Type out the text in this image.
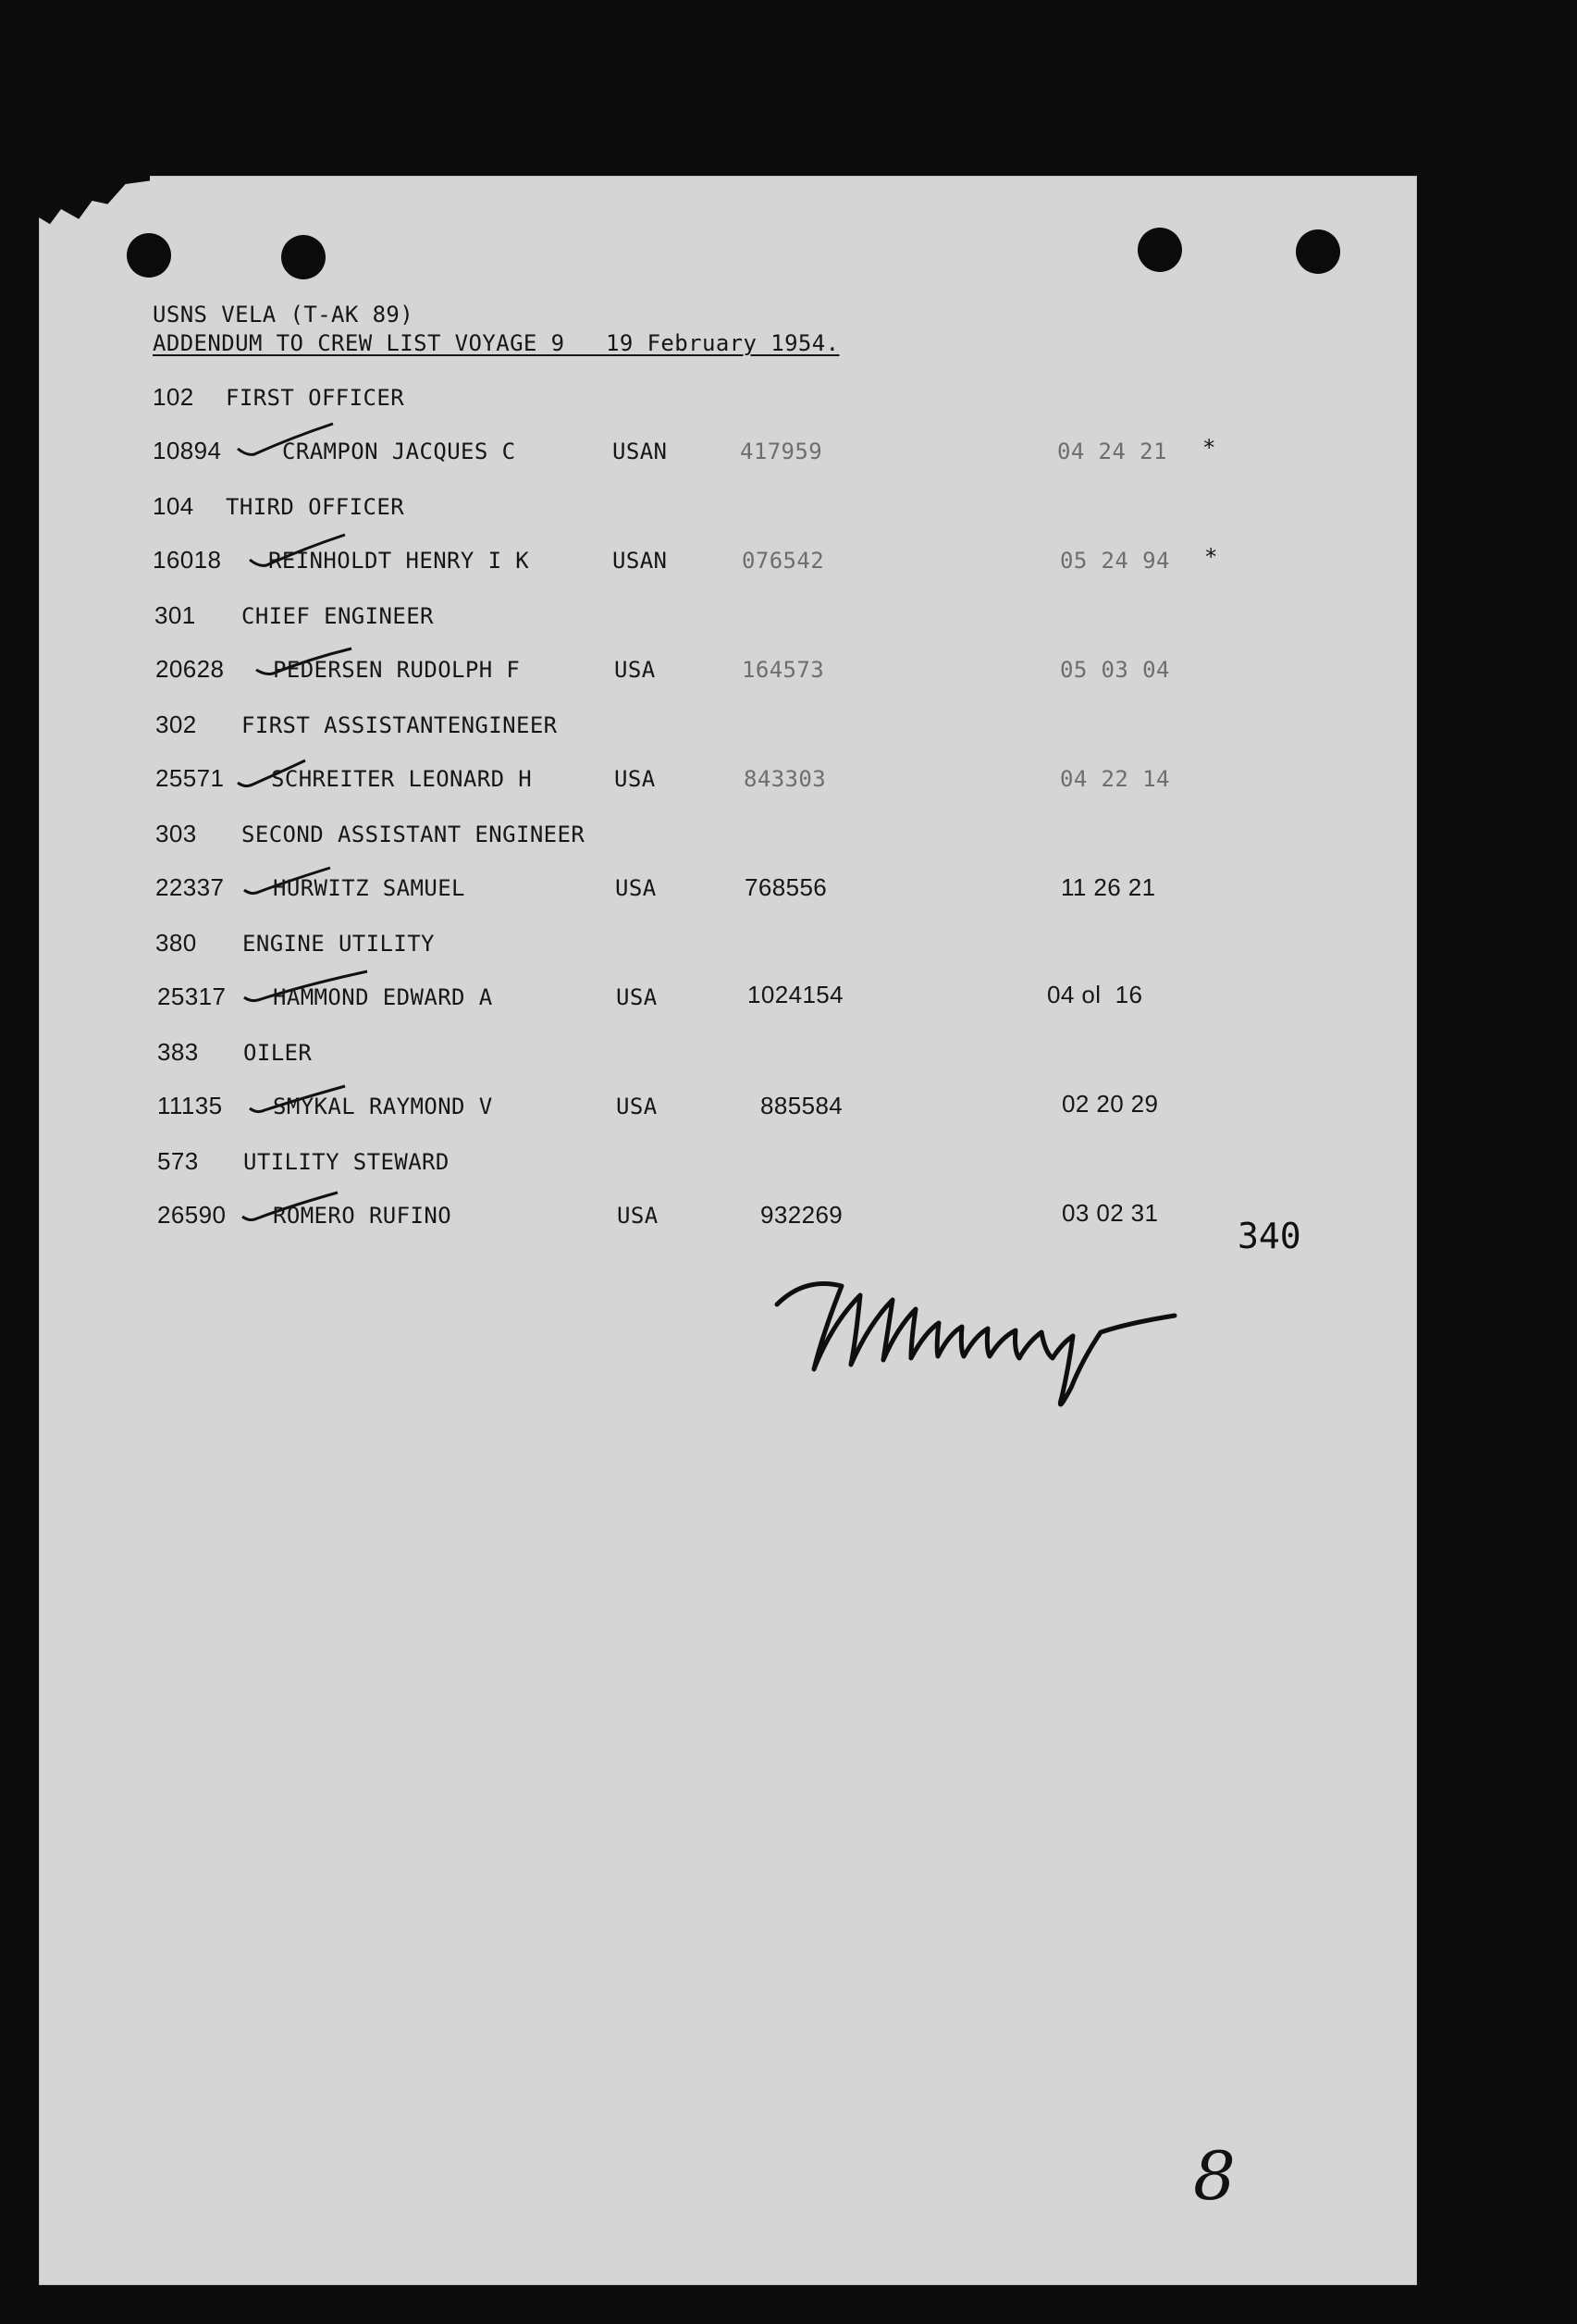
USNS VELA (T-AK 89)
ADDENDUM TO CREW LIST VOYAGE 9   19 February 1954.
102 FIRST OFFICER
10894	CRAMPON JACQUES C	USAN	417959	04 24 21 *
104 THIRD OFFICER
16018 REINHOLDT HENRY I K	USAN	076542	05 24 94 *
301 CHIEF ENGINEER
20628 PEDERSEN RUDOLPH F	USA	164573	05 03 04
302 FIRST ASSISTANTENGINEER
25571 SCHREITER LEONARD H	USA	843303	04 22 14
303 SECOND ASSISTANT ENGINEER
22337 HURWITZ SAMUEL	USA	768556	11 26 21
380 ENGINE UTILITY
25317 HAMMOND EDWARD A	USA	1024154	04 ol  16
383 OILER
11135 SMYKAL RAYMOND V	USA	885584	02 20 29
573 UTILITY STEWARD
26590 ROMERO RUFINO	USA	932269	03 02 31
340
8
